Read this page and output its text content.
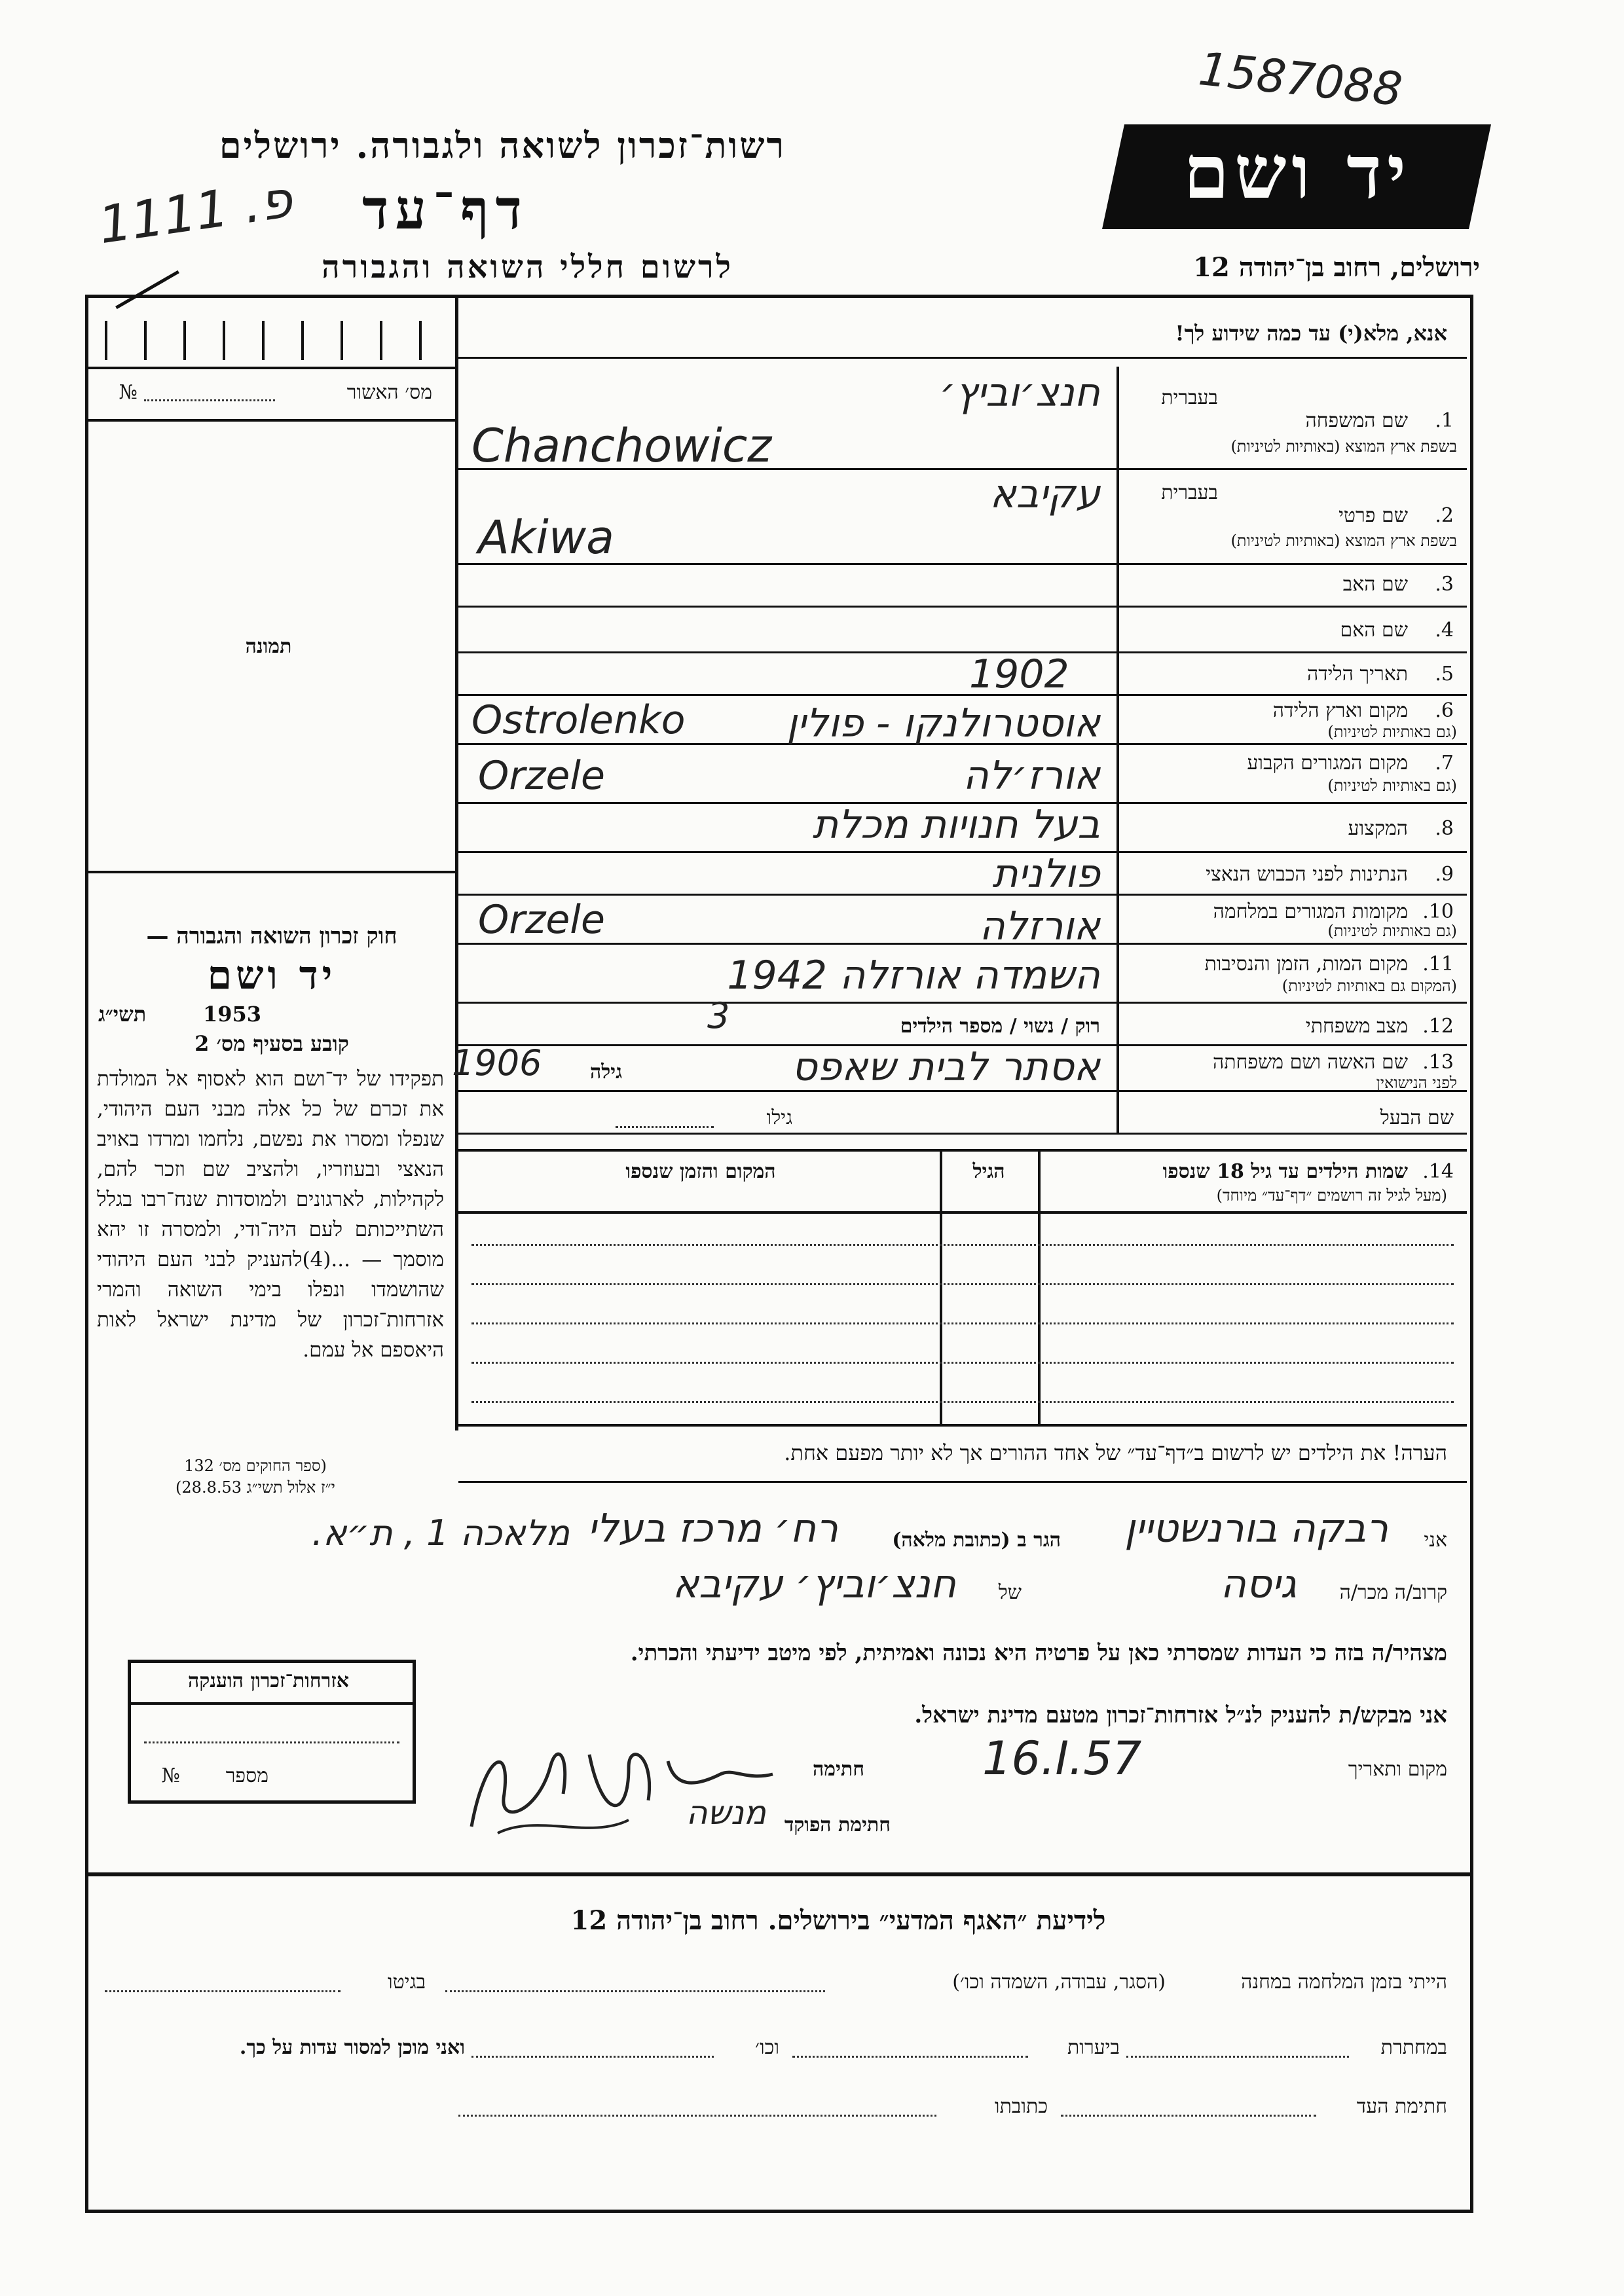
1587088
רשות־זכרון לשואה ולגבורה. ירושלים
דף־עד
לרשום חללי השואה והגבורה
פ. 1111	יד ושם
ירושלים, רחוב בן־יהודה 12
מס׳ האשור
№
תמונה
אנא, מלא(י) עד כמה שידוע לך!
בעברית
1.
שם המשפחה
בשפת ארץ המוצא (באותיות לטיניות)
חנצ׳וביץ׳
Chanchowicz
בעברית
2.
שם פרטי
בשפת ארץ המוצא (באותיות לטיניות)
עקיבא
Akiwa
3.
שם האב
4.
שם האם
5.
תאריך הלידה
1902
6.
מקום וארץ הלידה
(גם באותיות לטיניות)
אוסטרולנקו - פולין
Ostrolenko
7.
מקום המגורים הקבוע
(גם באותיות לטיניות)
אורז׳לה
Orzele
8.
המקצוע
בעל חנויות מכלת
9.
הנתינות לפני הכבוש הנאצי
פולנית
10.
מקומות המגורים במלחמה
(גם באותיות לטיניות)
אורזלה
Orzele
11.
מקום המות, הזמן והנסיבות
(המקום גם באותיות לטיניות)
השמדה אורזלה 1942
12.
מצב משפחתי
רוק / נשוי / מספר הילדים
3
13.
שם האשה ושם משפחתה
לפני הנישואין
אסתר לבית שאפס
גילה
1906
שם הבעל
גילו
14.
שמות הילדים עד גיל 18 שנספו
(מעל לגיל זה רושמים ״דף־עד״ מיוחד)
הגיל
המקום והזמן שנספו
חוק זכרון השואה והגבורה —
יד ושם
תשי״ג	1953
קובע בסעיף מס׳ 2
תפקידו של יד־ושם הוא לאסוף אל המולדת את זכרם של כל אלה מבני העם היהודי, שנפלו ומסרו את נפשם, נלחמו ומרדו באויב הנאצי ובעוזריו, ולהציב שם וזכר להם, לקהילות, לארגונים ולמוסדות שנח־רבו בגלל השתייכותם לעם היה־ודי, ולמסרה זו יהא מוסמך — ...(4)להעניק לבני העם היהודי שהושמדו ונפלו בימי השואה והמרי אזרחות־זכרון של מדינת ישראל לאות היאספם אל עמם.
(ספר החוקים מס׳ 132
י״ז אלול תשי״ג 28.8.53)
הערה! את הילדים יש לרשום ב״דף־עד״ של אחד ההורים אך לא יותר מפעם אחת.
אני
רבקה בורנשטיין
הגר ב (כתובת מלאה)
רח׳ מרכז בעלי
מלאכה 1 , ת״א.
קרוב/ה מכר/ה
גיסה
של
חנצ׳וביץ׳ עקיבא
מצהיר/ה בזה כי העדות שמסרתי כאן על פרטיה היא נכונה ואמיתית, לפי מיטב ידיעתי והכרתי.
אני מבקש/ת להעניק לנ״ל אזרחות־זכרון מטעם מדינת ישראל.
מקום ותאריך
16.I.57
חתימה
חתימת הפוקד
מנשה
אזרחות־זכרון הוענקה
מספר
№
לידיעת ״האגף המדעי״ בירושלים. רחוב בן־יהודה 12
הייתי בזמן המלחמה במחנה
(הסגר, עבודה, השמדה וכו׳)
בגיטו
במחתרת
ביערות
וכו׳
ואני מוכן למסור עדות על כך.
חתימת העד
כתובתו
